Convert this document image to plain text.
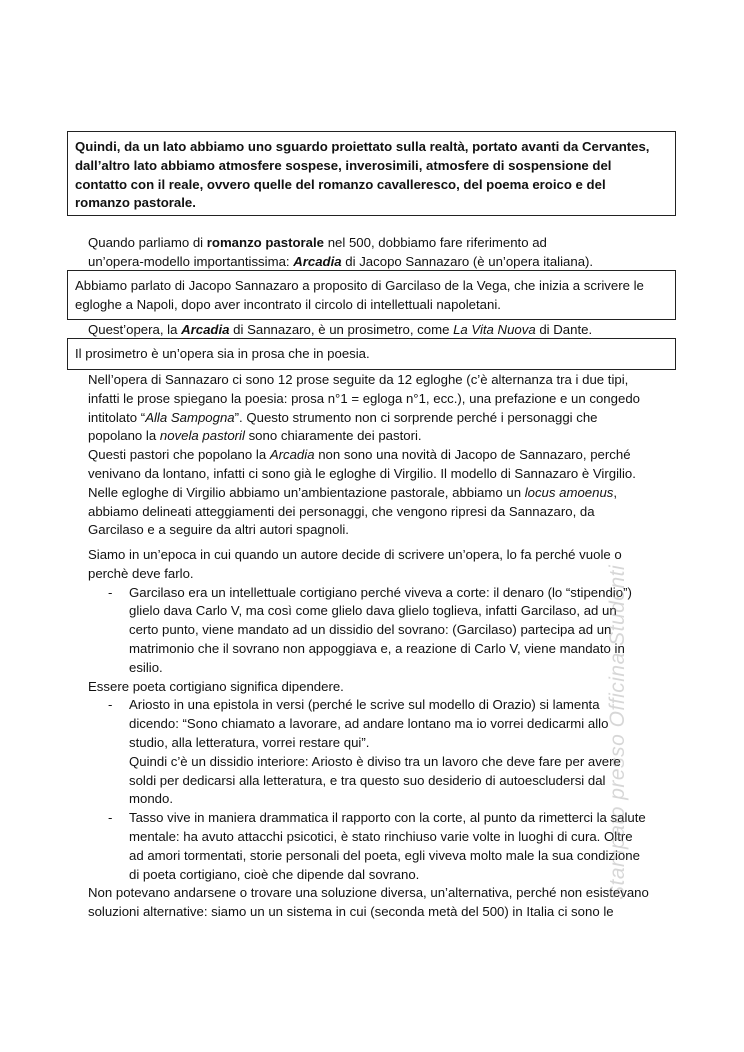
Quindi, da un lato abbiamo uno sguardo proiettato sulla realtà, portato avanti da Cervantes,

dall’altro lato abbiamo atmosfere sospese, inverosimili, atmosfere di sospensione del

contatto con il reale, ovvero quelle del romanzo cavalleresco, del poema eroico e del

romanzo pastorale.

Quando parliamo di romanzo pastorale nel 500, dobbiamo fare riferimento ad

un’opera-modello importantissima: Arcadia di Jacopo Sannazaro (è un’opera italiana).

Abbiamo parlato di Jacopo Sannazaro a proposito di Garcilaso de la Vega, che inizia a scrivere le

egloghe a Napoli, dopo aver incontrato il circolo di intellettuali napoletani.

Quest’opera, la Arcadia di Sannazaro, è un prosimetro, come La Vita Nuova di Dante.

Il prosimetro è un’opera sia in prosa che in poesia.

Nell’opera di Sannazaro ci sono 12 prose seguite da 12 egloghe (c’è alternanza tra i due tipi,

infatti le prose spiegano la poesia: prosa n°1 = egloga n°1, ecc.), una prefazione e un congedo

intitolato “Alla Sampogna”. Questo strumento non ci sorprende perché i personaggi che

popolano la novela pastoril sono chiaramente dei pastori.

Questi pastori che popolano la Arcadia non sono una novità di Jacopo de Sannazaro, perché

venivano da lontano, infatti ci sono già le egloghe di Virgilio. Il modello di Sannazaro è Virgilio.

Nelle egloghe di Virgilio abbiamo un’ambientazione pastorale, abbiamo un locus amoenus,

abbiamo delineati atteggiamenti dei personaggi, che vengono ripresi da Sannazaro, da

Garcilaso e a seguire da altri autori spagnoli.

Siamo in un’epoca in cui quando un autore decide di scrivere un’opera, lo fa perché vuole o

perchè deve farlo.

- Garcilaso era un intellettuale cortigiano perché viveva a corte: il denaro (lo “stipendio”)

glielo dava Carlo V, ma così come glielo dava glielo toglieva, infatti Garcilaso, ad un

certo punto, viene mandato ad un dissidio del sovrano: (Garcilaso) partecipa ad un

matrimonio che il sovrano non appoggiava e, a reazione di Carlo V, viene mandato in

esilio.

Essere poeta cortigiano significa dipendere.

- Ariosto in una epistola in versi (perché le scrive sul modello di Orazio) si lamenta

dicendo: “Sono chiamato a lavorare, ad andare lontano ma io vorrei dedicarmi allo

studio, alla letteratura, vorrei restare qui”.

Quindi c’è un dissidio interiore: Ariosto è diviso tra un lavoro che deve fare per avere

soldi per dedicarsi alla letteratura, e tra questo suo desiderio di autoescludersi dal

mondo.

- Tasso vive in maniera drammatica il rapporto con la corte, al punto da rimetterci la salute

mentale: ha avuto attacchi psicotici, è stato rinchiuso varie volte in luoghi di cura. Oltre

ad amori tormentati, storie personali del poeta, egli viveva molto male la sua condizione

di poeta cortigiano, cioè che dipende dal sovrano.

Non potevano andarsene o trovare una soluzione diversa, un’alternativa, perché non esistevano

soluzioni alternative: siamo un un sistema in cui (seconda metà del 500) in Italia ci sono le

Stampato presso Officina Studenti
